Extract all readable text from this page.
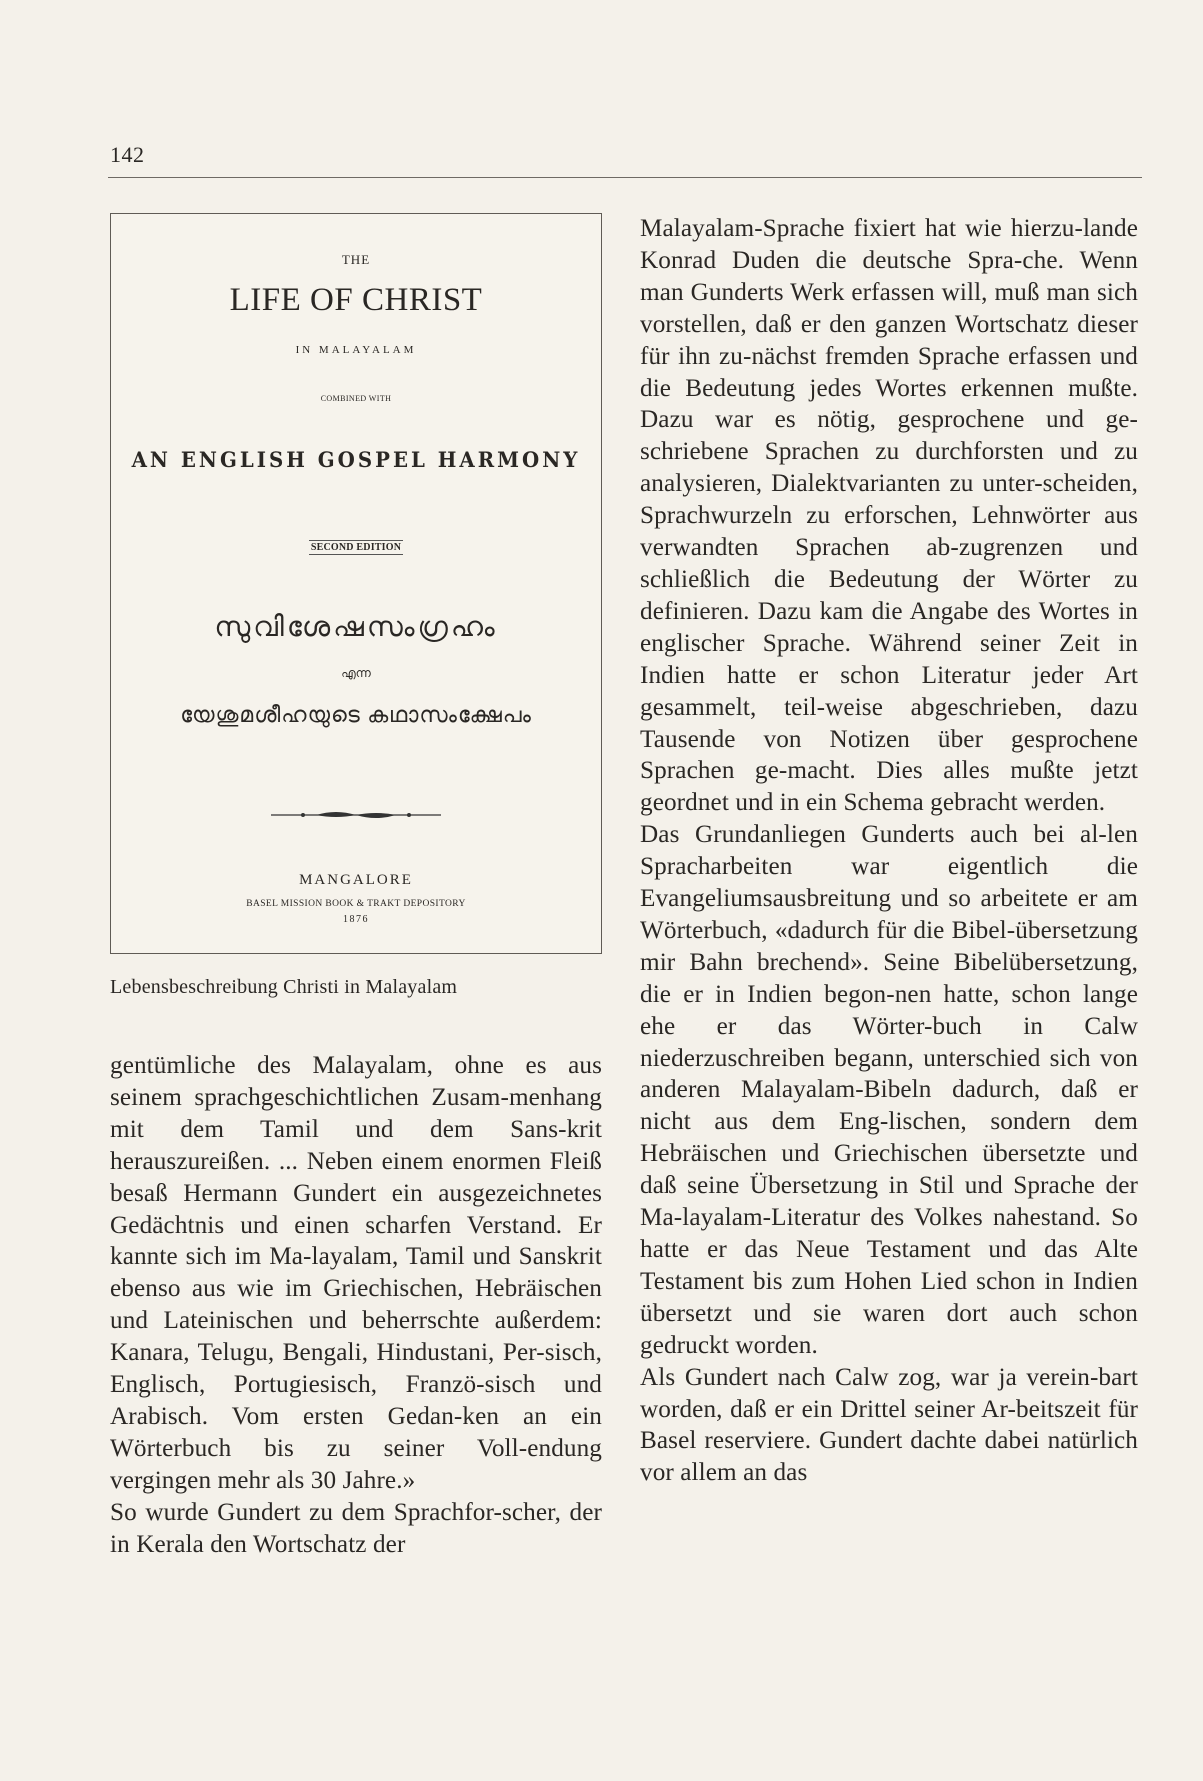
142
THE
LIFE OF CHRIST
IN MALAYALAM
COMBINED WITH
AN ENGLISH GOSPEL HARMONY
SECOND EDITION
സുവിശേഷസംഗ്രഹം
എന്ന
യേശുമശീഹയുടെ കഥാസംക്ഷേപം
MANGALORE
BASEL MISSION BOOK & TRAKT DEPOSITORY
1876
Lebensbeschreibung Christi in Malayalam

gentümliche des Malayalam, ohne es aus seinem sprachgeschichtlichen Zusam-menhang mit dem Tamil und dem Sans-krit herauszureißen. ... Neben einem enormen Fleiß besaß Hermann Gundert ein ausgezeichnetes Gedächtnis und einen scharfen Verstand. Er kannte sich im Ma-layalam, Tamil und Sanskrit ebenso aus wie im Griechischen, Hebräischen und Lateinischen und beherrschte außerdem: Kanara, Telugu, Bengali, Hindustani, Per-sisch, Englisch, Portugiesisch, Franzö-sisch und Arabisch. Vom ersten Gedan-ken an ein Wörterbuch bis zu seiner Voll-endung vergingen mehr als 30 Jahre.»

So wurde Gundert zu dem Sprachfor-scher, der in Kerala den Wortschatz der

Malayalam-Sprache fixiert hat wie hierzu-lande Konrad Duden die deutsche Spra-che. Wenn man Gunderts Werk erfassen will, muß man sich vorstellen, daß er den ganzen Wortschatz dieser für ihn zu-nächst fremden Sprache erfassen und die Bedeutung jedes Wortes erkennen mußte. Dazu war es nötig, gesprochene und ge-schriebene Sprachen zu durchforsten und zu analysieren, Dialektvarianten zu unter-scheiden, Sprachwurzeln zu erforschen, Lehnwörter aus verwandten Sprachen ab-zugrenzen und schließlich die Bedeutung der Wörter zu definieren. Dazu kam die Angabe des Wortes in englischer Sprache. Während seiner Zeit in Indien hatte er schon Literatur jeder Art gesammelt, teil-weise abgeschrieben, dazu Tausende von Notizen über gesprochene Sprachen ge-macht. Dies alles mußte jetzt geordnet und in ein Schema gebracht werden.

Das Grundanliegen Gunderts auch bei al-len Spracharbeiten war eigentlich die Evangeliumsausbreitung und so arbeitete er am Wörterbuch, «dadurch für die Bibel-übersetzung mir Bahn brechend». Seine Bibelübersetzung, die er in Indien begon-nen hatte, schon lange ehe er das Wörter-buch in Calw niederzuschreiben begann, unterschied sich von anderen Malayalam-Bibeln dadurch, daß er nicht aus dem Eng-lischen, sondern dem Hebräischen und Griechischen übersetzte und daß seine Übersetzung in Stil und Sprache der Ma-layalam-Literatur des Volkes nahestand. So hatte er das Neue Testament und das Alte Testament bis zum Hohen Lied schon in Indien übersetzt und sie waren dort auch schon gedruckt worden.

Als Gundert nach Calw zog, war ja verein-bart worden, daß er ein Drittel seiner Ar-beitszeit für Basel reserviere. Gundert dachte dabei natürlich vor allem an das
